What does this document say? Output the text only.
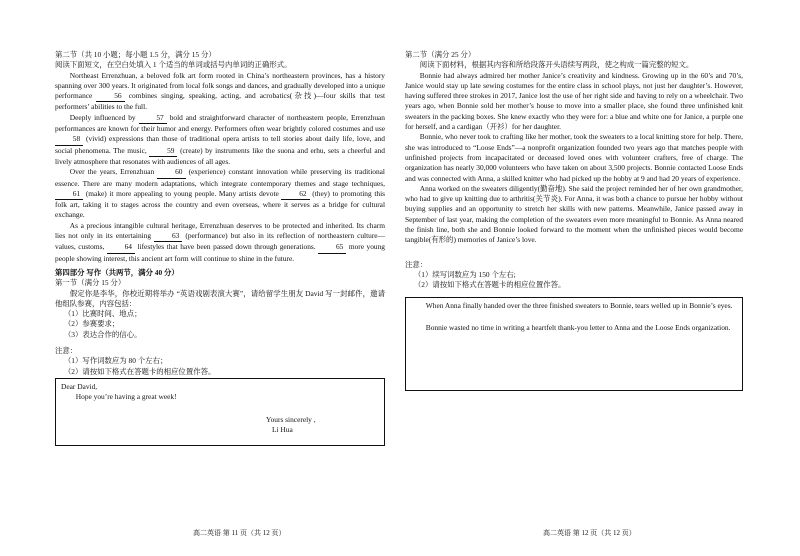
第二节（共 10 小题；每小题 1.5 分，满分 15 分）

阅读下面短文，在空白处填入 1 个适当的单词或括号内单词的正确形式。

Northeast Errenzhuan, a beloved folk art form rooted in China’s northeastern provinces, has a history spanning over 300 years. It originated from local folk songs and dances, and gradually developed into a unique performance	56 combines singing, speaking, acting, and acrobatics(杂技)—four skills that test performers’ abilities to the full.

Deeply influenced by	57 bold and straightforward character of northeastern people, Errenzhuan performances are known for their humor and energy. Performers often wear brightly colored costumes and use 58 (vivid) expressions than those of traditional opera artists to tell stories about daily life, love, and social phenomena. The music,	59 (create) by instruments like the suona and erhu, sets a cheerful and lively atmosphere that resonates with audiences of all ages.

Over the years, Errenzhuan	60 (experience) constant innovation while preserving its traditional essence. There are many modern adaptations, which integrate contemporary themes and stage techniques, 61 (make) it more appealing to young people. Many artists devote	62 (they) to promoting this folk art, taking it to stages across the country and even overseas, where it serves as a bridge for cultural exchange.

As a precious intangible cultural heritage, Errenzhuan deserves to be protected and inherited. Its charm lies not only in its entertaining	63 (performance) but also in its reflection of northeastern culture—values, customs,	64 lifestyles that have been passed down through generations.	65 more young people showing interest, this ancient art form will continue to shine in the future.

第四部分 写作（共两节，满分 40 分）

第一节（满分 15 分）

假定你是李华，你校近期将举办 “英语戏剧表演大赛”，请给留学生朋友 David 写一封邮件，邀请他组队参赛，内容包括：

（1）比赛时间、地点；

（2）参赛要求；

（3）表达合作的信心。

注意：

（1）写作词数应为 80 个左右；

（2）请按如下格式在答题卡的相应位置作答。

Dear David,
Hope you’re having a great week!
Yours sincerely ,
Li Hua

第二节（满分 25 分）

阅读下面材料，根据其内容和所给段落开头语续写两段，使之构成一篇完整的短文。

Bonnie had always admired her mother Janice’s creativity and kindness. Growing up in the 60’s and 70’s, Janice would stay up late sewing costumes for the entire class in school plays, not just her daughter’s. However, having suffered three strokes in 2017, Janice lost the use of her right side and having to rely on a wheelchair. Two years ago, when Bonnie sold her mother’s house to move into a smaller place, she found three unfinished knit sweaters in the packing boxes. She knew exactly who they were for: a blue and white one for Janice, a purple one for herself, and a cardigan（开衫）for her daughter.

Bonnie, who never took to crafting like her mother, took the sweaters to a local knitting store for help. There, she was introduced to “Loose Ends”—a nonprofit organization founded two years ago that matches people with unfinished projects from incapacitated or deceased loved ones with volunteer crafters, free of charge. The organization has nearly 30,000 volunteers who have taken on about 3,500 projects. Bonnie contacted Loose Ends and was connected with Anna, a skilled knitter who had picked up the hobby at 9 and had 20 years of experience.

Anna worked on the sweaters diligently(勤奋地). She said the project reminded her of her own grandmother, who had to give up knitting due to arthritis(关节炎). For Anna, it was both a chance to pursue her hobby without buying supplies and an opportunity to stretch her skills with new patterns. Meanwhile, Janice passed away in September of last year, making the completion of the sweaters even more meaningful to Bonnie. As Anna neared the finish line, both she and Bonnie looked forward to the moment when the unfinished pieces would become tangible(有形的) memories of Janice’s love.

注意：

（1）续写词数应为 150 个左右;

（2）请按如下格式在答题卡的相应位置作答。

When Anna finally handed over the three finished sweaters to Bonnie, tears welled up in Bonnie’s eyes.

Bonnie wasted no time in writing a heartfelt thank-you letter to Anna and the Loose Ends organization.

高二英语 第 11 页（共 12 页）	高二英语 第 12 页（共 12 页）
